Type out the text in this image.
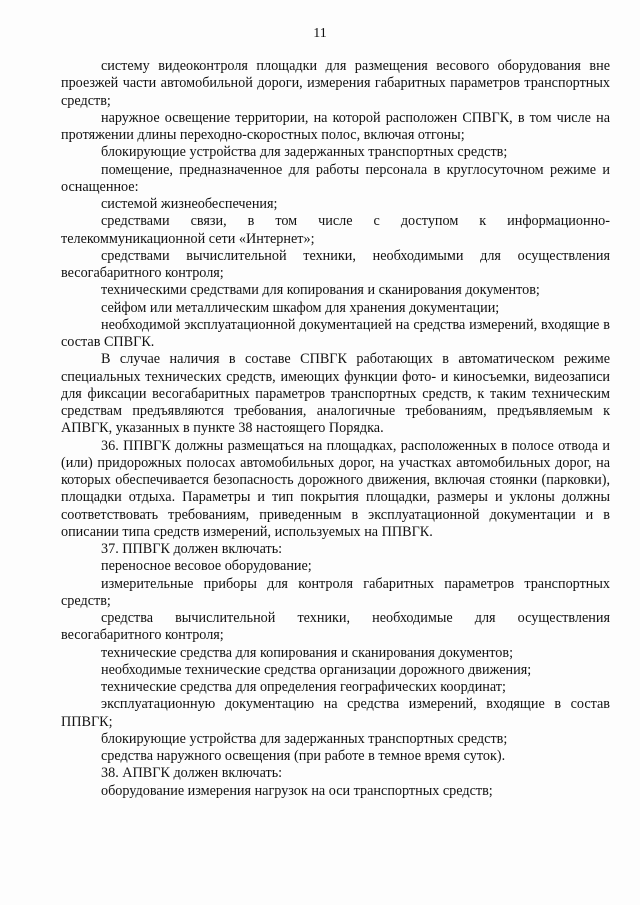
11

систему видеоконтроля площадки для размещения весового оборудования вне проезжей части автомобильной дороги, измерения габаритных параметров транспортных средств;

наружное освещение территории, на которой расположен СПВГК, в том числе на протяжении длины переходно-скоростных полос, включая отгоны;

блокирующие устройства для задержанных транспортных средств;

помещение, предназначенное для работы персонала в круглосуточном режиме и оснащенное:

системой жизнеобеспечения;

средствами связи, в том числе с доступом к информационно-телекоммуникационной сети «Интернет»;

средствами вычислительной техники, необходимыми для осуществления весогабаритного контроля;

техническими средствами для копирования и сканирования документов;

сейфом или металлическим шкафом для хранения документации;

необходимой эксплуатационной документацией на средства измерений, входящие в состав СПВГК.

В случае наличия в составе СПВГК работающих в автоматическом режиме специальных технических средств, имеющих функции фото- и киносъемки, видеозаписи для фиксации весогабаритных параметров транспортных средств, к таким техническим средствам предъявляются требования, аналогичные требованиям, предъявляемым к АПВГК, указанных в пункте 38 настоящего Порядка.

36. ППВГК должны размещаться на площадках, расположенных в полосе отвода и (или) придорожных полосах автомобильных дорог, на участках автомобильных дорог, на которых обеспечивается безопасность дорожного движения, включая стоянки (парковки), площадки отдыха. Параметры и тип покрытия площадки, размеры и уклоны должны соответствовать требованиям, приведенным в эксплуатационной документации и в описании типа средств измерений, используемых на ППВГК.

37. ППВГК должен включать:

переносное весовое оборудование;

измерительные приборы для контроля габаритных параметров транспортных средств;

средства вычислительной техники, необходимые для осуществления весогабаритного контроля;

технические средства для копирования и сканирования документов;

необходимые технические средства организации дорожного движения;

технические средства для определения географических координат;

эксплуатационную документацию на средства измерений, входящие в состав ППВГК;

блокирующие устройства для задержанных транспортных средств;

средства наружного освещения (при работе в темное время суток).

38. АПВГК должен включать:

оборудование измерения нагрузок на оси транспортных средств;
